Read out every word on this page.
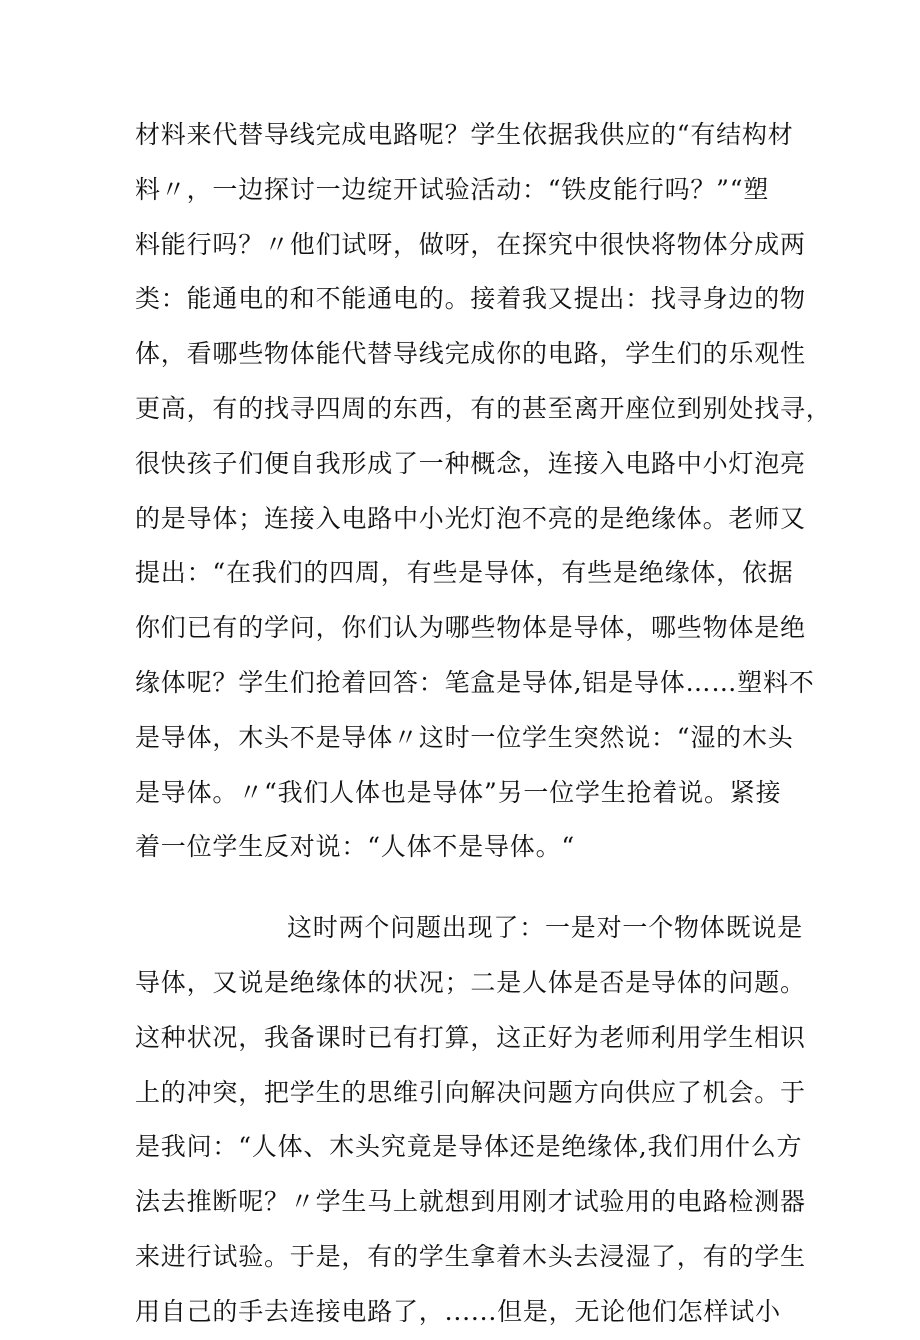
材料来代替导线完成电路呢？学生依据我供应的“有结构材
料〃，一边探讨一边绽开试验活动：“铁皮能行吗？”“塑
料能行吗？〃他们试呀，做呀，在探究中很快将物体分成两
类：能通电的和不能通电的。接着我又提出：找寻身边的物
体，看哪些物体能代替导线完成你的电路，学生们的乐观性
更高，有的找寻四周的东西，有的甚至离开座位到别处找寻，
很快孩子们便自我形成了一种概念，连接入电路中小灯泡亮
的是导体；连接入电路中小光灯泡不亮的是绝缘体。老师又
提出：“在我们的四周，有些是导体，有些是绝缘体，依据
你们已有的学问，你们认为哪些物体是导体，哪些物体是绝
缘体呢？学生们抢着回答：笔盒是导体,铝是导体……塑料不
是导体，木头不是导体〃这时一位学生突然说：“湿的木头
是导体。〃“我们人体也是导体”另一位学生抢着说。紧接
着一位学生反对说：“人体不是导体。“
这时两个问题出现了：一是对一个物体既说是
导体，又说是绝缘体的状况；二是人体是否是导体的问题。
这种状况，我备课时已有打算，这正好为老师利用学生相识
上的冲突，把学生的思维引向解决问题方向供应了机会。于
是我问：“人体、木头究竟是导体还是绝缘体,我们用什么方
法去推断呢？〃学生马上就想到用刚才试验用的电路检测器
来进行试验。于是，有的学生拿着木头去浸湿了，有的学生
用自己的手去连接电路了，......但是，无论他们怎样试小
